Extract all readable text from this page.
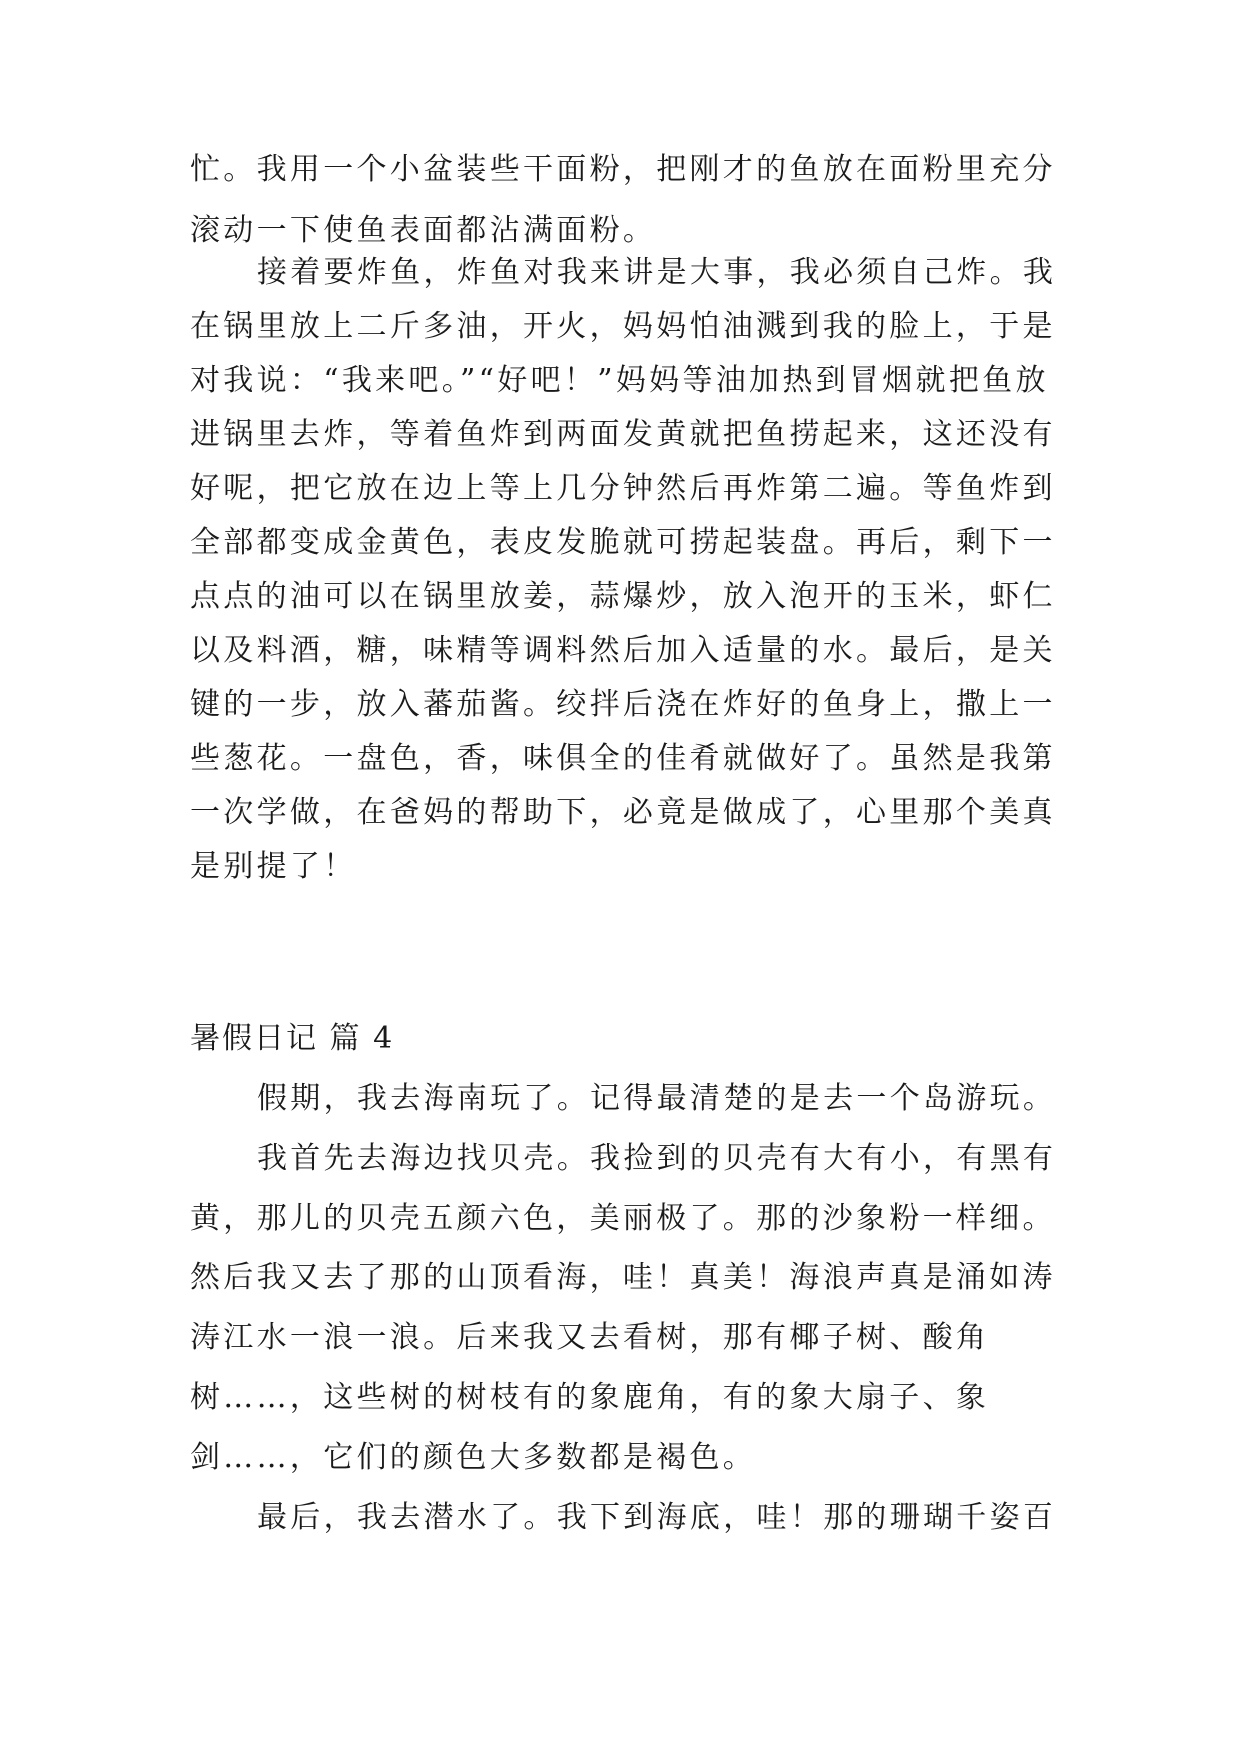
忙。我用一个小盆装些干面粉，把刚才的鱼放在面粉里充分
滚动一下使鱼表面都沾满面粉。
接着要炸鱼，炸鱼对我来讲是大事，我必须自己炸。我
在锅里放上二斤多油，开火，妈妈怕油溅到我的脸上，于是
对我说：“我来吧。”“好吧！”妈妈等油加热到冒烟就把鱼放
进锅里去炸，等着鱼炸到两面发黄就把鱼捞起来，这还没有
好呢，把它放在边上等上几分钟然后再炸第二遍。等鱼炸到
全部都变成金黄色，表皮发脆就可捞起装盘。再后，剩下一
点点的油可以在锅里放姜，蒜爆炒，放入泡开的玉米，虾仁
以及料酒，糖，味精等调料然后加入适量的水。最后，是关
键的一步，放入蕃茄酱。绞拌后浇在炸好的鱼身上，撒上一
些葱花。一盘色，香，味俱全的佳肴就做好了。虽然是我第
一次学做，在爸妈的帮助下，必竟是做成了，心里那个美真
是别提了！
暑假日记 篇 4
假期，我去海南玩了。记得最清楚的是去一个岛游玩。
我首先去海边找贝壳。我捡到的贝壳有大有小，有黑有
黄，那儿的贝壳五颜六色，美丽极了。那的沙象粉一样细。
然后我又去了那的山顶看海，哇！真美！海浪声真是涌如涛
涛江水一浪一浪。后来我又去看树，那有椰子树、酸角
树……，这些树的树枝有的象鹿角，有的象大扇子、象
剑……，它们的颜色大多数都是褐色。
最后，我去潜水了。我下到海底，哇！那的珊瑚千姿百
